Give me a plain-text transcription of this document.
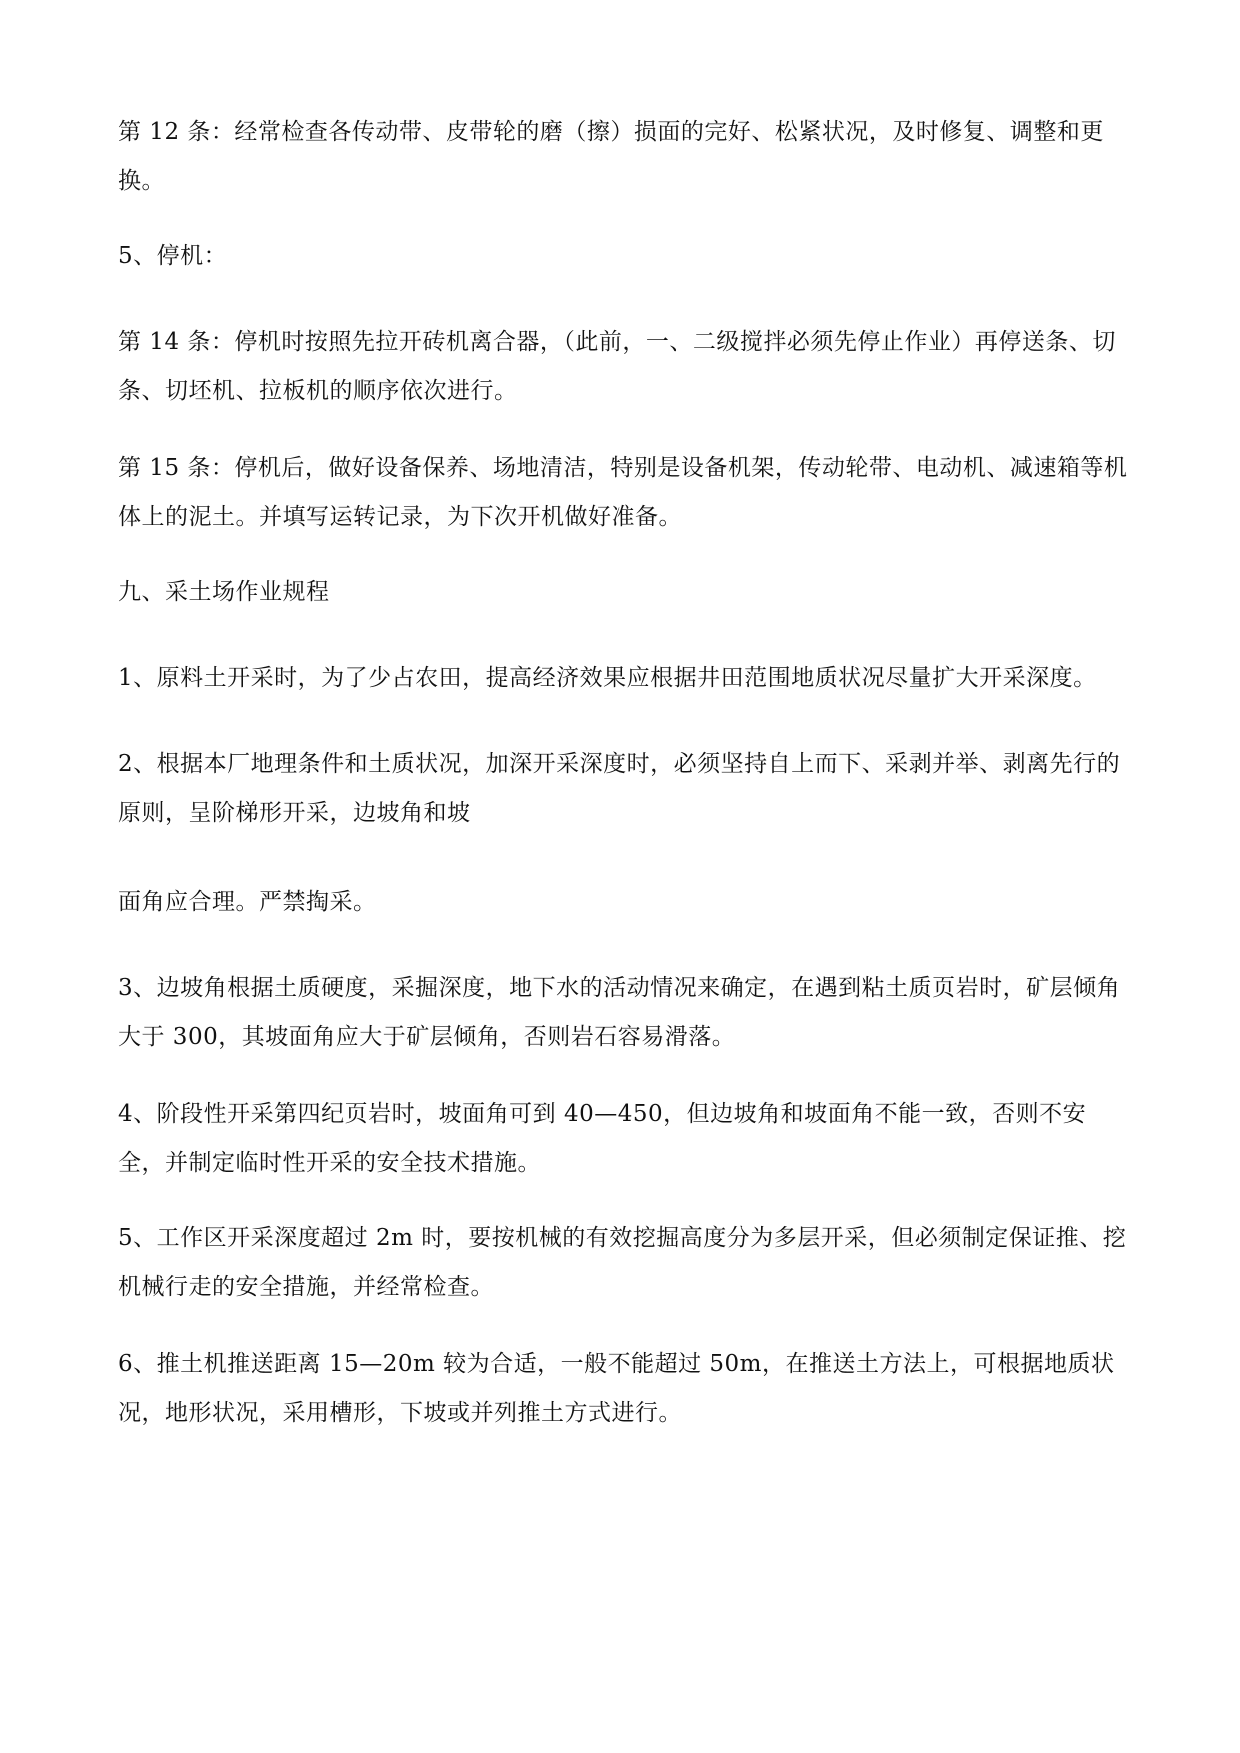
第 12 条：经常检查各传动带、皮带轮的磨（擦）损面的完好、松紧状况，及时修复、调整和更换。

5、停机：

第 14 条：停机时按照先拉开砖机离合器，（此前，一、二级搅拌必须先停止作业）再停送条、切条、切坯机、拉板机的顺序依次进行。

第 15 条：停机后，做好设备保养、场地清洁，特别是设备机架，传动轮带、电动机、减速箱等机体上的泥土。并填写运转记录，为下次开机做好准备。

九、采土场作业规程

1、原料土开采时，为了少占农田，提高经济效果应根据井田范围地质状况尽量扩大开采深度。

2、根据本厂地理条件和土质状况，加深开采深度时，必须坚持自上而下、采剥并举、剥离先行的原则，呈阶梯形开采，边坡角和坡

面角应合理。严禁掏采。

3、边坡角根据土质硬度，采掘深度，地下水的活动情况来确定，在遇到粘土质页岩时，矿层倾角大于 300，其坡面角应大于矿层倾角，否则岩石容易滑落。

4、阶段性开采第四纪页岩时，坡面角可到 40—450，但边坡角和坡面角不能一致，否则不安全，并制定临时性开采的安全技术措施。

5、工作区开采深度超过 2m 时，要按机械的有效挖掘高度分为多层开采，但必须制定保证推、挖机械行走的安全措施，并经常检查。

6、推土机推送距离 15—20m 较为合适，一般不能超过 50m，在推送土方法上，可根据地质状况，地形状况，采用槽形，下坡或并列推土方式进行。
